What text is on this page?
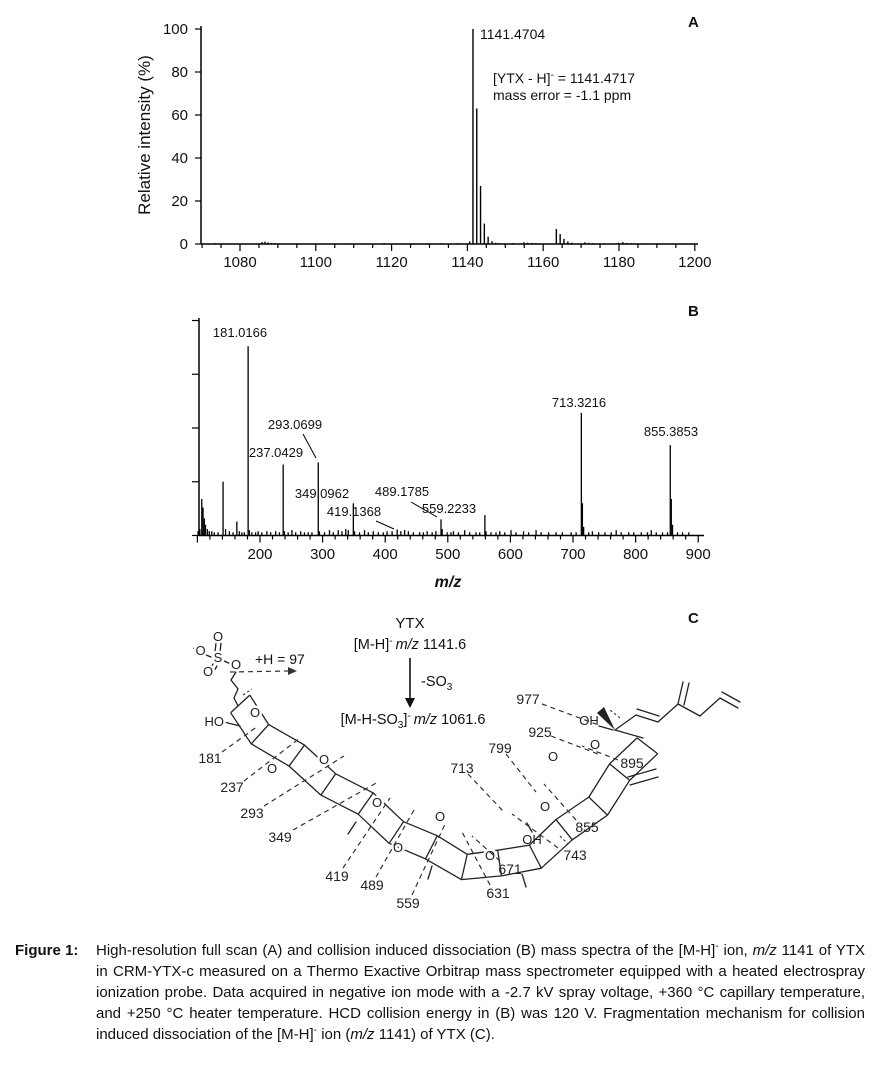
A
B
C
0
20
40
60
80
100
1080	1100	1120	1140	1160	1180	1200
Relative intensity (%)
1141.4704
[YTX - H]- = 1141.4717
mass error = -1.1 ppm
200	300	400	500	600	700	800	900
m/z
181.0166
237.0429
293.0699
349.0962
419.1368
489.1785
559.2233
713.3216
855.3853
YTX
[M-H]- m/z 1141.6
$-SO_3$
$[M-H-SO_3]^-$ m/z 1061.6
O
O O
S
-O
+H = 97
HO
OH
OH
O
O
O
O
O
O
O
O
O
O
181
237
293
349
419
489
559
631
671
713
743
799
855
895
925
977
Figure 1:	High-resolution full scan (A) and collision induced dissociation (B) mass spectra of the [M-H]- ion, m/z 1141 of YTX in CRM-YTX-c measured on a Thermo Exactive Orbitrap mass spectrometer equipped with a heated electrospray ionization probe. Data acquired in negative ion mode with a -2.7 kV spray voltage, +360 °C capillary temperature, and +250 °C heater temperature. HCD collision energy in (B) was 120 V. Fragmentation mechanism for collision induced dissociation of the [M-H]- ion (m/z 1141) of YTX (C).
